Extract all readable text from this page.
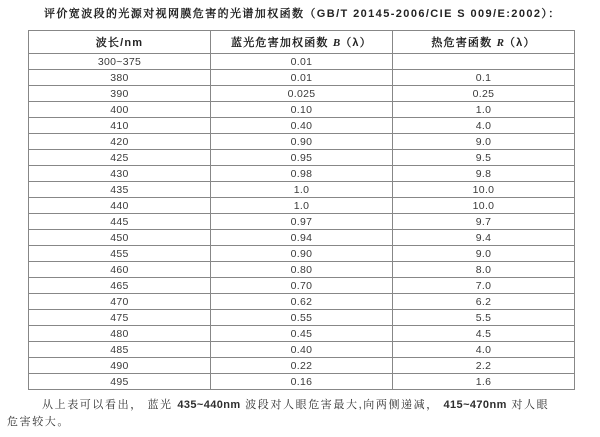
评价宽波段的光源对视网膜危害的光谱加权函数（GB/T 20145-2006/CIE S 009/E:2002）：
波长/nm	蓝光危害加权函数 B（λ）	热危害函数 R（λ）
300~375	0.01	
380	0.01	0.1
390	0.025	0.25
400	0.10	1.0
410	0.40	4.0
420	0.90	9.0
425	0.95	9.5
430	0.98	9.8
435	1.0	10.0
440	1.0	10.0
445	0.97	9.7
450	0.94	9.4
455	0.90	9.0
460	0.80	8.0
465	0.70	7.0
470	0.62	6.2
475	0.55	5.5
480	0.45	4.5
485	0.40	4.0
490	0.22	2.2
495	0.16	1.6
从上表可以看出， 蓝光 435~440nm 波段对人眼危害最大,向两侧递减， 415~470nm 对人眼
危害较大。
